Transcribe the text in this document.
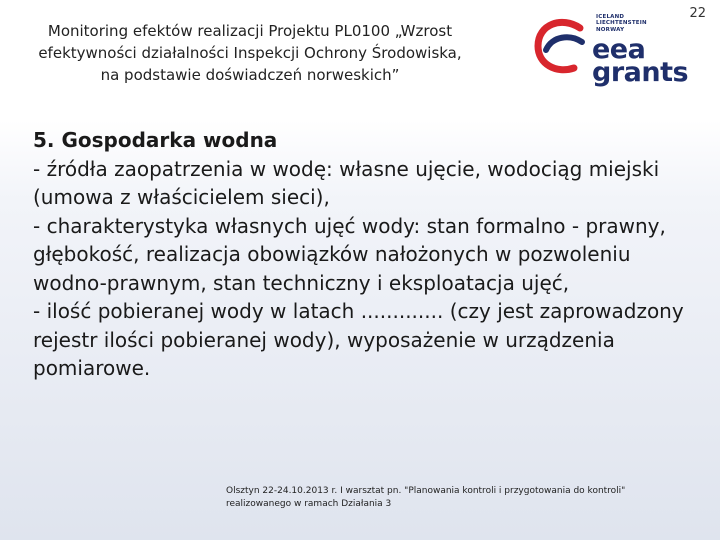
Monitoring efektów realizacji Projektu PL0100 „Wzrost
efektywności działalności Inspekcji Ochrony Środowiska,
na podstawie doświadczeń norweskich”
22
ICELAND
LIECHTENSTEIN
NORWAY
eea
grants
5. Gospodarka wodna

- źródła zaopatrzenia w wodę: własne ujęcie, wodociąg miejski (umowa z właścicielem sieci),

- charakterystyka własnych ujęć wody: stan formalno - prawny, głębokość, realizacja obowiązków nałożonych w pozwoleniu wodno-prawnym, stan techniczny i eksploatacja ujęć,

- ilość pobieranej wody w latach ............. (czy jest zaprowadzony rejestr ilości pobieranej wody), wyposażenie w urządzenia pomiarowe.

Olsztyn 22-24.10.2013 r. I warsztat pn. "Planowania kontroli i przygotowania do kontroli"
realizowanego w ramach Działania 3
